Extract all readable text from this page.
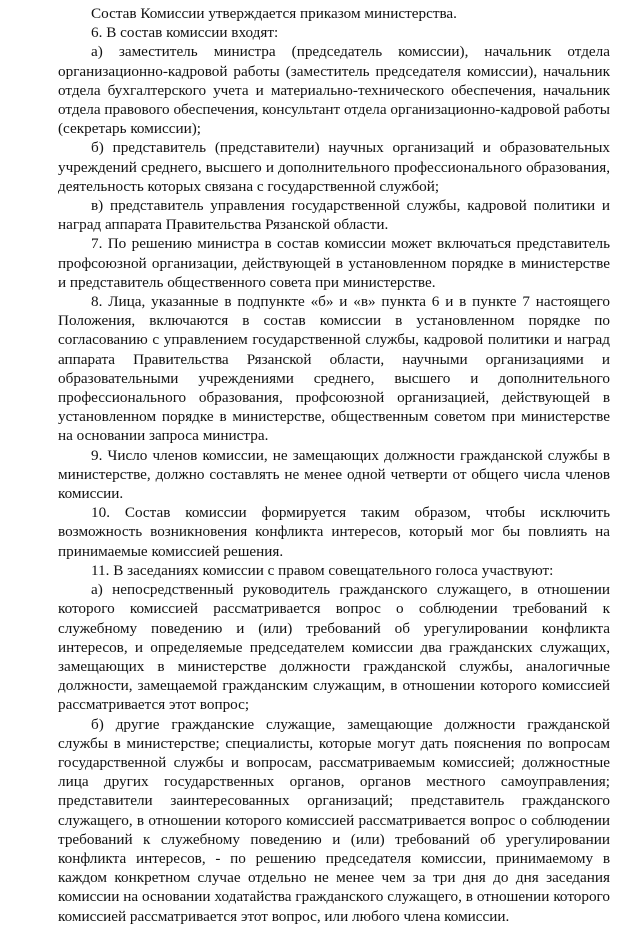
Состав Комиссии утверждается приказом министерства.

6. В состав комиссии входят:

а) заместитель министра (председатель комиссии), начальник отдела организационно-кадровой работы (заместитель председателя комиссии), начальник отдела бухгалтерского учета и материально-технического обеспечения, начальник отдела правового обеспечения, консультант отдела организационно-кадровой работы (секретарь комиссии);

б) представитель (представители) научных организаций и образовательных учреждений среднего, высшего и дополнительного профессионального образования, деятельность которых связана с государственной службой;

в) представитель управления государственной службы, кадровой политики и наград аппарата Правительства Рязанской области.

7. По решению министра в состав комиссии может включаться представитель профсоюзной организации, действующей в установленном порядке в министерстве и представитель общественного совета при министерстве.

8. Лица, указанные в подпункте «б» и «в» пункта 6 и в пункте 7 настоящего Положения, включаются в состав комиссии в установленном порядке по согласованию с управлением государственной службы, кадровой политики и наград аппарата Правительства Рязанской области, научными организациями и образовательными учреждениями среднего, высшего и дополнительного профессионального образования, профсоюзной организацией, действующей в установленном порядке в министерстве, общественным советом при министерстве на основании запроса министра.

9. Число членов комиссии, не замещающих должности гражданской службы в министерстве, должно составлять не менее одной четверти от общего числа членов комиссии.

10. Состав комиссии формируется таким образом, чтобы исключить возможность возникновения конфликта интересов, который мог бы повлиять на принимаемые комиссией решения.

11. В заседаниях комиссии с правом совещательного голоса участвуют:

а) непосредственный руководитель гражданского служащего, в отношении которого комиссией рассматривается вопрос о соблюдении требований к служебному поведению и (или) требований об урегулировании конфликта интересов, и определяемые председателем комиссии два гражданских служащих, замещающих в министерстве должности гражданской службы, аналогичные должности, замещаемой гражданским служащим, в отношении которого комиссией рассматривается этот вопрос;

б) другие гражданские служащие, замещающие должности гражданской службы в министерстве; специалисты, которые могут дать пояснения по вопросам государственной службы и вопросам, рассматриваемым комиссией; должностные лица других государственных органов, органов местного самоуправления; представители заинтересованных организаций; представитель гражданского служащего, в отношении которого комиссией рассматривается вопрос о соблюдении требований к служебному поведению и (или) требований об урегулировании конфликта интересов, - по решению председателя комиссии, принимаемому в каждом конкретном случае отдельно не менее чем за три дня до дня заседания комиссии на основании ходатайства гражданского служащего, в отношении которого комиссией рассматривается этот вопрос, или любого члена комиссии.
